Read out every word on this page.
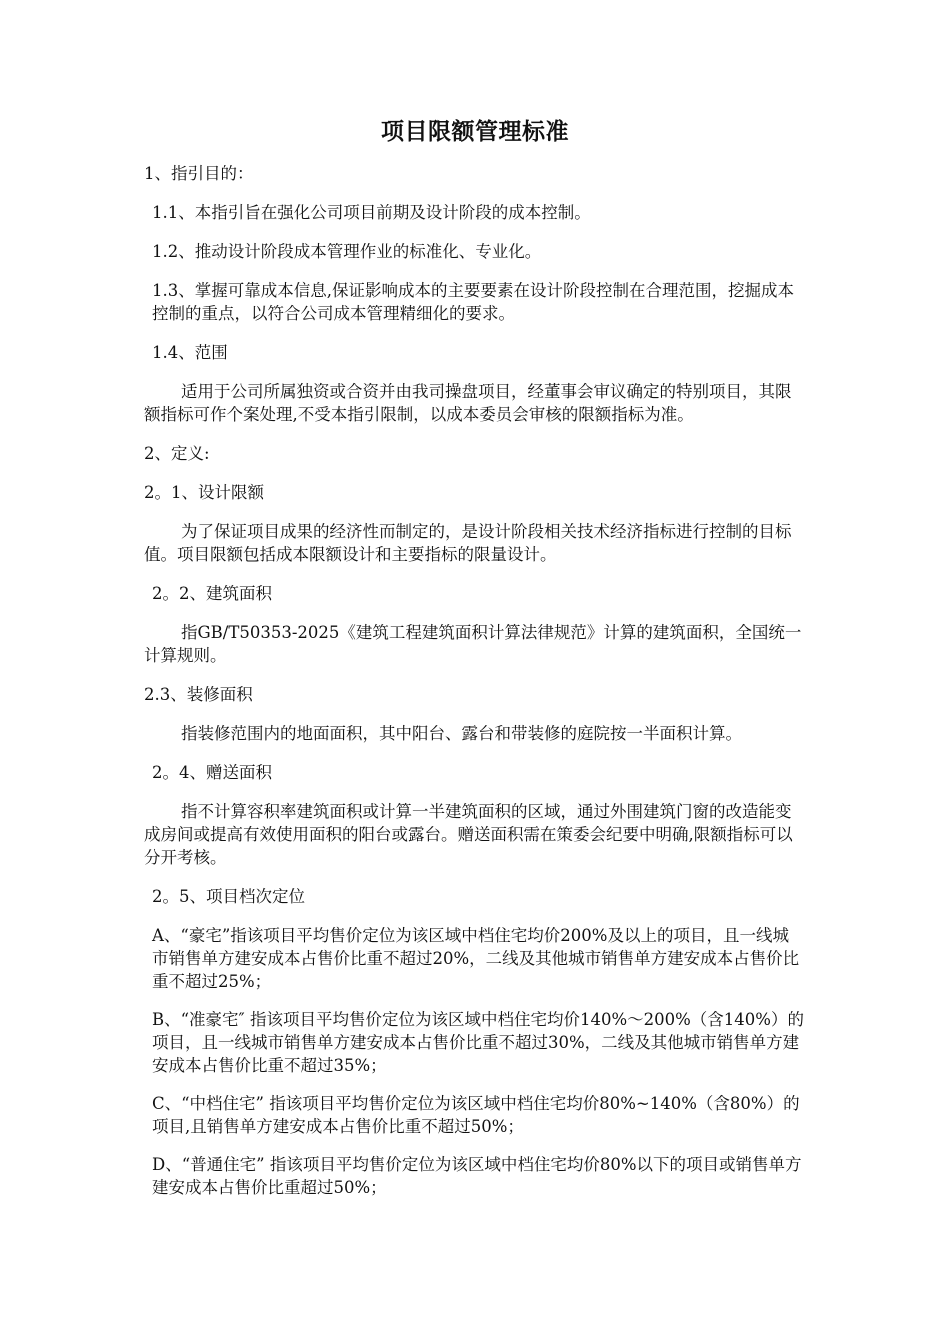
项目限额管理标准

1、指引目的：

1.1、本指引旨在强化公司项目前期及设计阶段的成本控制。

1.2、推动设计阶段成本管理作业的标准化、专业化。

1.3、掌握可靠成本信息,保证影响成本的主要要素在设计阶段控制在合理范围，挖掘成本控制的重点，以符合公司成本管理精细化的要求。

1.4、范围

适用于公司所属独资或合资并由我司操盘项目，经董事会审议确定的特别项目，其限额指标可作个案处理,不受本指引限制，以成本委员会审核的限额指标为准。

2、定义:

2。1、设计限额

为了保证项目成果的经济性而制定的，是设计阶段相关技术经济指标进行控制的目标值。项目限额包括成本限额设计和主要指标的限量设计。

2。2、建筑面积

指GB/T50353-2025《建筑工程建筑面积计算法律规范》计算的建筑面积，全国统一计算规则。

2.3、装修面积

指装修范围内的地面面积，其中阳台、露台和带装修的庭院按一半面积计算。

2。4、赠送面积

指不计算容积率建筑面积或计算一半建筑面积的区域，通过外围建筑门窗的改造能变成房间或提高有效使用面积的阳台或露台。赠送面积需在策委会纪要中明确,限额指标可以分开考核。

2。5、项目档次定位

A、“豪宅”指该项目平均售价定位为该区域中档住宅均价200%及以上的项目，且一线城市销售单方建安成本占售价比重不超过20%，二线及其他城市销售单方建安成本占售价比重不超过25%；

B、“准豪宅″ 指该项目平均售价定位为该区域中档住宅均价140%～200%（含140%）的项目，且一线城市销售单方建安成本占售价比重不超过30%，二线及其他城市销售单方建安成本占售价比重不超过35%；

C、“中档住宅” 指该项目平均售价定位为该区域中档住宅均价80%~140%（含80%）的项目,且销售单方建安成本占售价比重不超过50%；

D、“普通住宅” 指该项目平均售价定位为该区域中档住宅均价80%以下的项目或销售单方建安成本占售价比重超过50%；
